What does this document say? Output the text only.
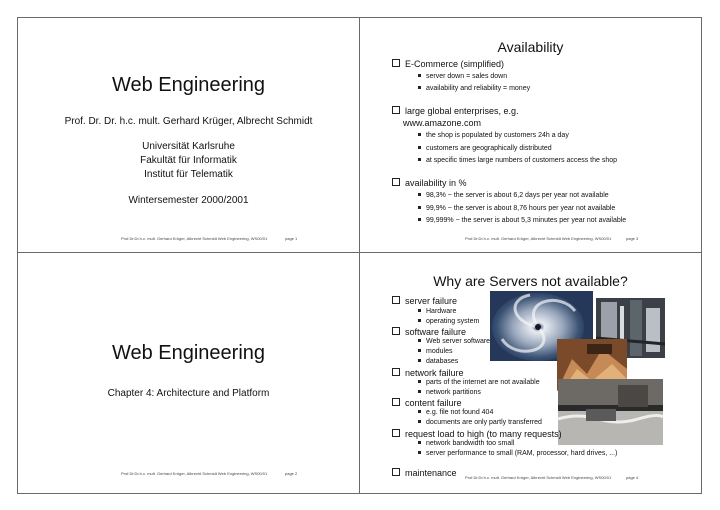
Web Engineering
Prof. Dr. Dr. h.c. mult. Gerhard Krüger, Albrecht Schmidt
Universität Karlsruhe
Fakultät für Informatik
Institut für Telematik
Wintersemester 2000/2001
Prof.Dr.Dr.h.c. mult. Gerhard Krüger, Albrecht Schmidt Web Engineering, WS00/01	page 1
Availability
E-Commerce (simplified)
server down = sales down
availability and reliability = money
large global enterprises, e.g.
www.amazone.com
the shop is populated by customers 24h a day
customers are geographically distributed
at specific times large numbers of customers access the shop
availability in %
98,3% ~ the server is about 6,2 days per year not available
99,9% ~ the server is about 8,76 hours per year not available
99,999% ~ the server is about 5,3 minutes per year not available
Prof.Dr.Dr.h.c. mult. Gerhard Krüger, Albrecht Schmidt Web Engineering, WS00/01	page 3
Web Engineering
Chapter 4: Architecture and Platform
Prof.Dr.Dr.h.c. mult. Gerhard Krüger, Albrecht Schmidt Web Engineering, WS00/01	page 2
Why are Servers not available?
server failure
Hardware
operating system
software failure
Web server software
modules
databases
network failure
parts of the internet are not available
network partitions
content failure
e.g. file not found 404
documents are only partly transferred
request load to high (to many requests)
network bandwidth too small
server performance to small (RAM, processor, hard drives, ...)
maintenance Prof.Dr.Dr.h.c. mult. Gerhard Krüger, Albrecht Schmidt Web Engineering, WS00/01	page 4
